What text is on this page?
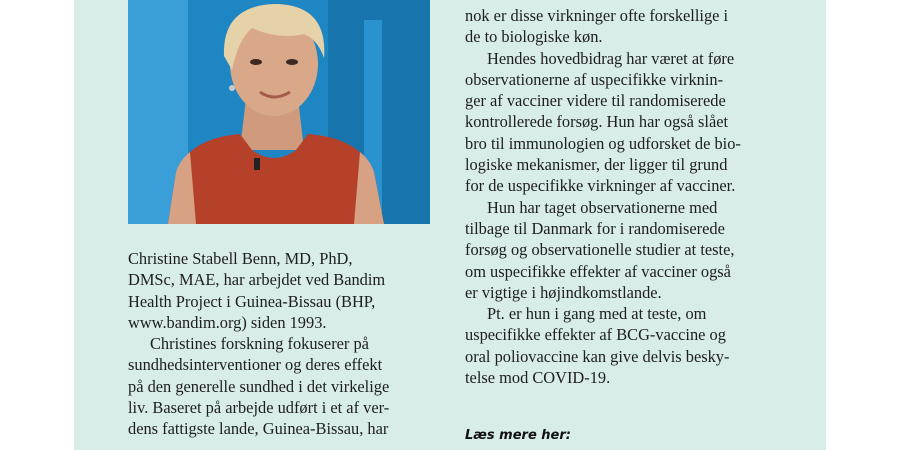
Christine Stabell Benn, MD, PhD,
DMSc, MAE, har arbejdet ved Bandim
Health Project i Guinea-Bissau (BHP,
www.bandim.org) siden 1993.

Christines forskning fokuserer på
sundhedsinterventioner og deres effekt
på den generelle sundhed i det virkelige
liv. Baseret på arbejde udført i et af ver-
dens fattigste lande, Guinea-Bissau, har

nok er disse virkninger ofte forskellige i
de to biologiske køn.

Hendes hovedbidrag har været at føre
observationerne af uspecifikke virknin-
ger af vacciner videre til randomiserede
kontrollerede forsøg. Hun har også slået
bro til immunologien og udforsket de bio-
logiske mekanismer, der ligger til grund
for de uspecifikke virkninger af vacciner.

Hun har taget observationerne med
tilbage til Danmark for i randomiserede
forsøg og observationelle studier at teste,
om uspecifikke effekter af vacciner også
er vigtige i højindkomstlande.

Pt. er hun i gang med at teste, om
uspecifikke effekter af BCG-vaccine og
oral poliovaccine kan give delvis besky-
telse mod COVID-19.

Læs mere her:
